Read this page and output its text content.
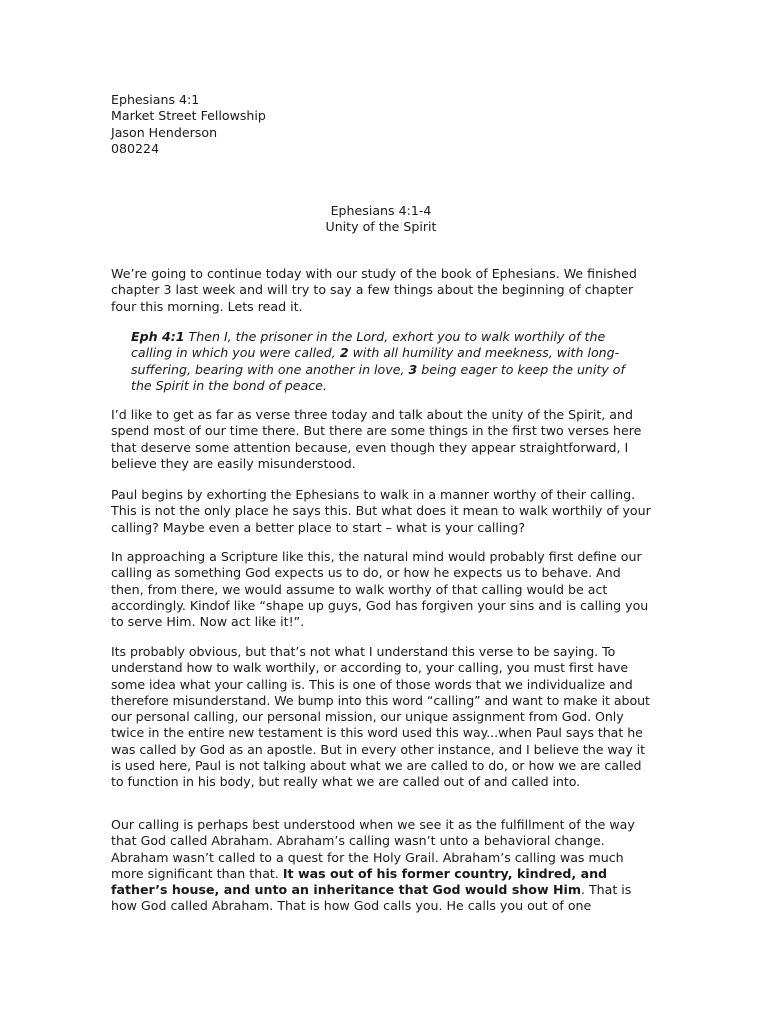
Ephesians 4:1
Market Street Fellowship
Jason Henderson
080224
Ephesians 4:1-4
Unity of the Spirit

We’re going to continue today with our study of the book of Ephesians. We finished chapter 3 last week and will try to say a few things about the beginning of chapter four this morning. Lets read it.

Eph 4:1 Then I, the prisoner in the Lord, exhort you to walk worthily of the calling in which you were called, 2 with all humility and meekness, with long-suffering, bearing with one another in love, 3 being eager to keep the unity of the Spirit in the bond of peace.

I’d like to get as far as verse three today and talk about the unity of the Spirit, and spend most of our time there. But there are some things in the first two verses here that deserve some attention because, even though they appear straightforward, I believe they are easily misunderstood.

Paul begins by exhorting the Ephesians to walk in a manner worthy of their calling. This is not the only place he says this. But what does it mean to walk worthily of your calling? Maybe even a better place to start – what is your calling?

In approaching a Scripture like this, the natural mind would probably first define our calling as something God expects us to do, or how he expects us to behave. And then, from there, we would assume to walk worthy of that calling would be act accordingly. Kindof like “shape up guys, God has forgiven your sins and is calling you to serve Him. Now act like it!”.

Its probably obvious, but that’s not what I understand this verse to be saying. To understand how to walk worthily, or according to, your calling, you must first have some idea what your calling is. This is one of those words that we individualize and therefore misunderstand. We bump into this word “calling” and want to make it about our personal calling, our personal mission, our unique assignment from God. Only twice in the entire new testament is this word used this way...when Paul says that he was called by God as an apostle. But in every other instance, and I believe the way it is used here, Paul is not talking about what we are called to do, or how we are called to function in his body, but really what we are called out of and called into.

Our calling is perhaps best understood when we see it as the fulfillment of the way that God called Abraham. Abraham’s calling wasn’t unto a behavioral change. Abraham wasn’t called to a quest for the Holy Grail. Abraham’s calling was much more significant than that. It was out of his former country, kindred, and father’s house, and unto an inheritance that God would show Him. That is how God called Abraham. That is how God calls you. He calls you out of one
